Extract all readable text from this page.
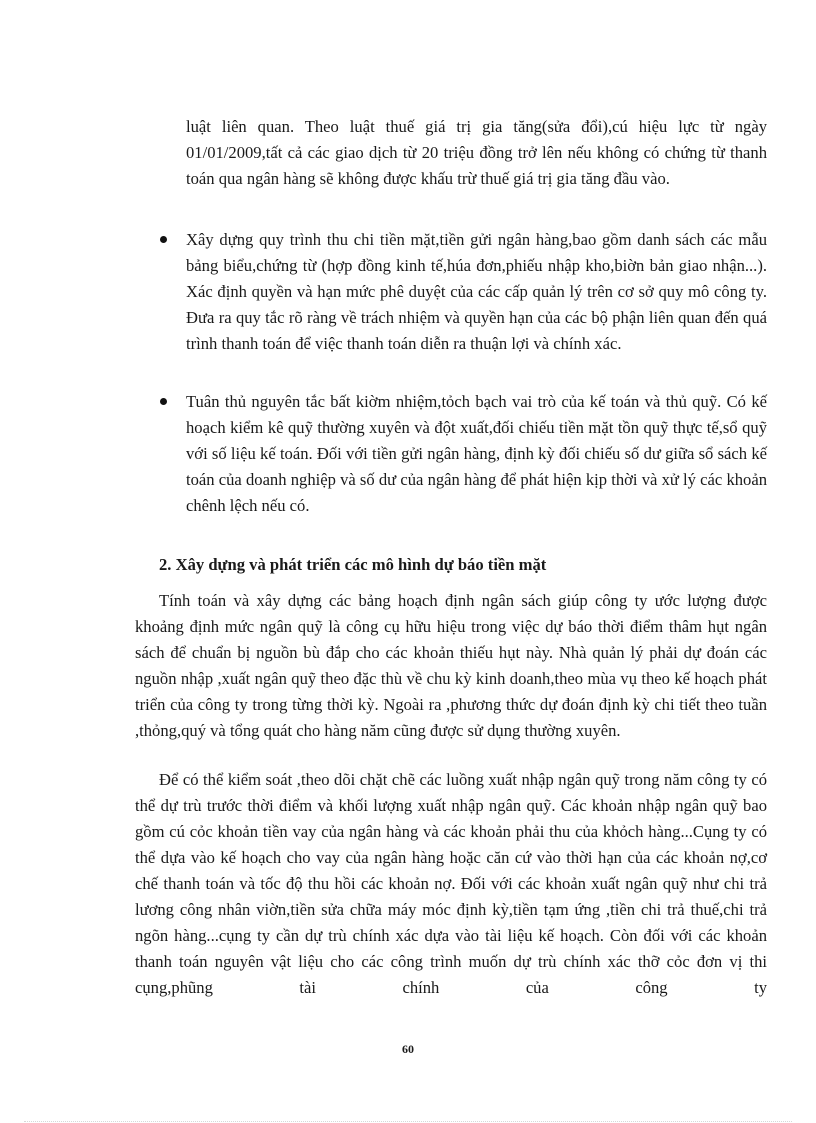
luật liên quan. Theo luật thuế giá trị gia tăng(sửa đổi),cú hiệu lực từ ngày 01/01/2009,tất cả các giao dịch từ 20 triệu đồng trở lên nếu không có chứng từ thanh toán qua ngân hàng sẽ không được khấu trừ thuế giá trị gia tăng đầu vào.

Xây dựng quy trình thu chi tiền mặt,tiền gửi ngân hàng,bao gồm danh sách các mẫu bảng biểu,chứng từ (hợp đồng kinh tế,húa đơn,phiếu nhập kho,biờn bản giao nhận...). Xác định quyền và hạn mức phê duyệt của các cấp quản lý trên cơ sở quy mô công ty. Đưa ra quy tắc rõ ràng về trách nhiệm và quyền hạn của các bộ phận liên quan đến quá trình thanh toán để việc thanh toán diễn ra thuận lợi và chính xác.

Tuân thủ nguyên tắc bất kiờm nhiệm,tỏch bạch vai trò của kế toán và thủ quỹ. Có kế hoạch kiểm kê quỹ thường xuyên và đột xuất,đối chiếu tiền mặt tồn quỹ thực tế,sổ quỹ với số liệu kế toán. Đối với tiền gửi ngân hàng, định kỳ đối chiếu số dư giữa sổ sách kế toán của doanh nghiệp và số dư của ngân hàng để phát hiện kịp thời và xử lý các khoản chênh lệch nếu có.

2. Xây dựng và phát triển các mô hình dự báo tiền mặt

Tính toán và xây dựng các bảng hoạch định ngân sách giúp công ty ước lượng được khoảng định mức ngân quỹ là công cụ hữu hiệu trong việc dự báo thời điểm thâm hụt ngân sách để chuẩn bị nguồn bù đắp cho các khoản thiếu hụt này. Nhà quản lý phải dự đoán các nguồn nhập ,xuất ngân quỹ theo đặc thù về chu kỳ kinh doanh,theo mùa vụ theo kế hoạch phát triển của công ty trong từng thời kỳ. Ngoài ra ,phương thức dự đoán định kỳ chi tiết theo tuần ,thỏng,quý và tổng quát cho hàng năm cũng được sử dụng thường xuyên.

Để có thể kiểm soát ,theo dõi chặt chẽ các luồng xuất nhập ngân quỹ trong năm công ty có thể dự trù trước thời điểm và khối lượng xuất nhập ngân quỹ. Các khoản nhập ngân quỹ bao gồm cú cỏc khoản tiền vay của ngân hàng và các khoản phải thu của khỏch hàng...Cụng ty có thể dựa vào kế hoạch cho vay của ngân hàng hoặc căn cứ vào thời hạn của các khoản nợ,cơ chế thanh toán và tốc độ thu hồi các khoản nợ. Đối với các khoản xuất ngân quỹ như chi trả lương công nhân viờn,tiền sửa chữa máy móc định kỳ,tiền tạm ứng ,tiền chi trả thuế,chi trả ngõn hàng...cụng ty cần dự trù chính xác dựa vào tài liệu kế hoạch. Còn đối với các khoản thanh toán nguyên vật liệu cho các công trình muốn dự trù chính xác thỡ cỏc đơn vị thi cụng,phũng tài chính của công ty

60
